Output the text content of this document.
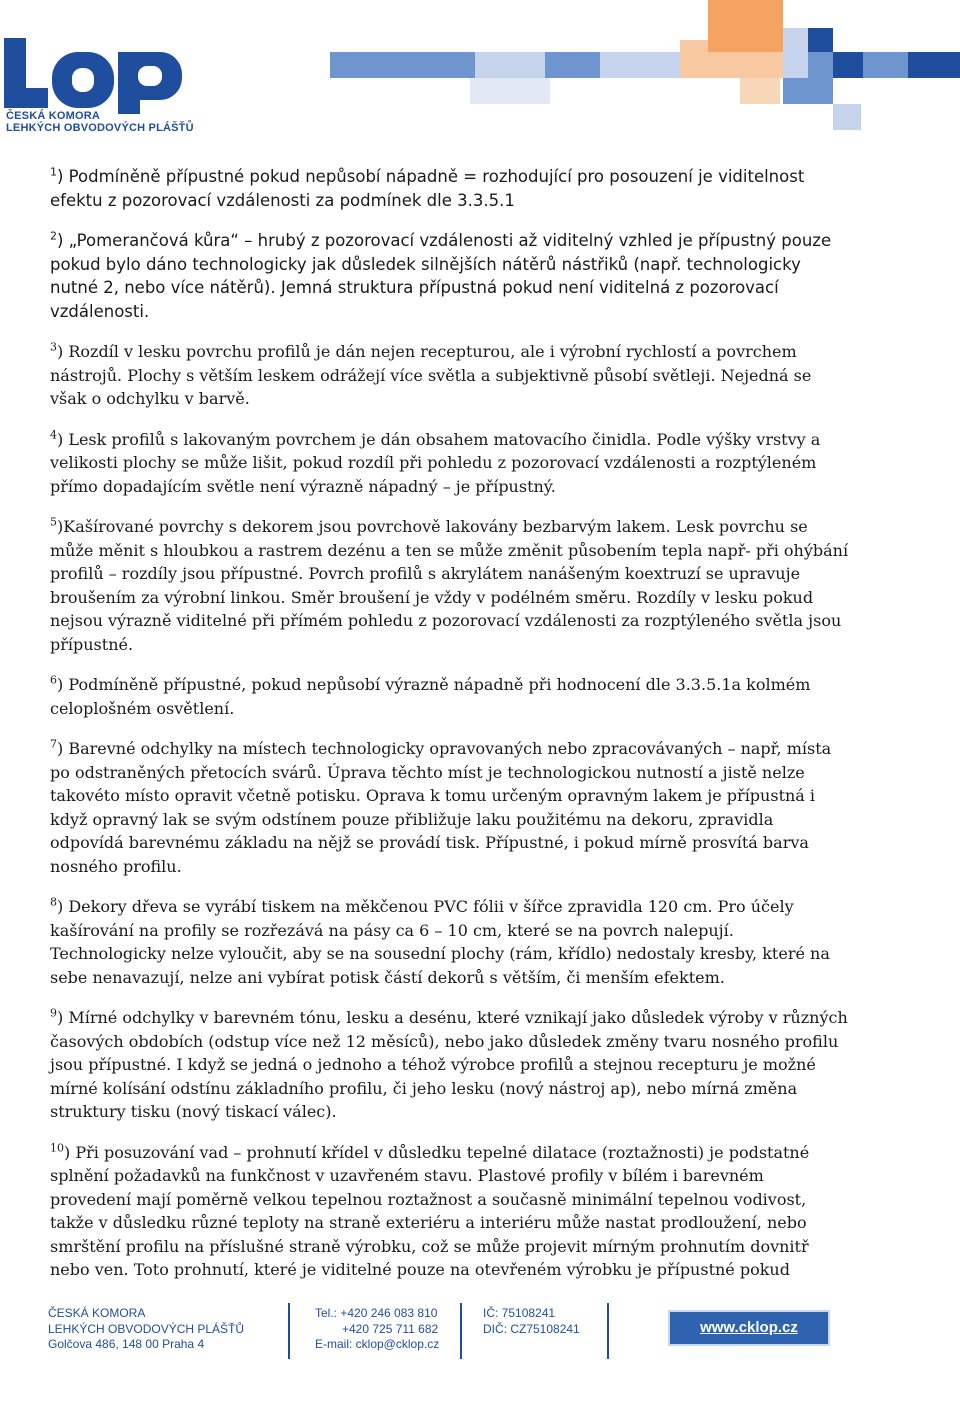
ČESKÁ KOMORA
LEHKÝCH OBVODOVÝCH PLÁŠŤŮ

$^1$) Podmíněně přípustné pokud nepůsobí nápadně = rozhodující pro posouzení je viditelnost efektu z pozorovací vzdálenosti za podmínek dle 3.3.5.1

$^2$) „Pomerančová kůra“ – hrubý z pozorovací vzdálenosti až viditelný vzhled je přípustný pouze pokud bylo dáno technologicky jak důsledek silnějších nátěrů nástřiků (např. technologicky nutné 2, nebo více nátěrů). Jemná struktura přípustná pokud není viditelná z pozorovací vzdálenosti.

$^3$) Rozdíl v lesku povrchu profilů je dán nejen recepturou, ale i výrobní rychlostí a povrchem nástrojů. Plochy s větším leskem odrážejí více světla a subjektivně působí světleji. Nejedná se však o odchylku v barvě.

$^4$) Lesk profilů s lakovaným povrchem je dán obsahem matovacího činidla. Podle výšky vrstvy a velikosti plochy se může lišit, pokud rozdíl při pohledu z pozorovací vzdálenosti a rozptýleném přímo dopadajícím světle není výrazně nápadný – je přípustný.

$^5$)Kašírované povrchy s dekorem jsou povrchově lakovány bezbarvým lakem. Lesk povrchu se může měnit s hloubkou a rastrem dezénu a ten se může změnit působením tepla např- při ohýbání profilů – rozdíly jsou přípustné. Povrch profilů s akrylátem nanášeným koextruzí se upravuje broušením za výrobní linkou. Směr broušení je vždy v podélném směru. Rozdíly v lesku pokud nejsou výrazně viditelné při přímém pohledu z pozorovací vzdálenosti za rozptýleného světla jsou přípustné.

$^6$) Podmíněně přípustné, pokud nepůsobí výrazně nápadně při hodnocení dle 3.3.5.1a kolmém celoplošném osvětlení.

$^7$) Barevné odchylky na místech technologicky opravovaných nebo zpracovávaných – např, místa po odstraněných přetocích svárů. Úprava těchto míst je technologickou nutností a jistě nelze takovéto místo opravit včetně potisku. Oprava k tomu určeným opravným lakem je přípustná i když opravný lak se svým odstínem pouze přibližuje laku použitému na dekoru, zpravidla odpovídá barevnému základu na nějž se provádí tisk. Přípustné, i pokud mírně prosvítá barva nosného profilu.

$^8$) Dekory dřeva se vyrábí tiskem na měkčenou PVC fólii v šířce zpravidla 120 cm. Pro účely kašírování na profily se rozřezává na pásy ca 6 – 10 cm, které se na povrch nalepují. Technologicky nelze vyloučit, aby se na sousední plochy (rám, křídlo) nedostaly kresby, které na sebe nenavazují, nelze ani vybírat potisk částí dekorů s větším, či menším efektem.

$^9$) Mírné odchylky v barevném tónu, lesku a desénu, které vznikají jako důsledek výroby v různých časových obdobích (odstup více než 12 měsíců), nebo jako důsledek změny tvaru nosného profilu jsou přípustné. I když se jedná o jednoho a téhož výrobce profilů a stejnou recepturu je možné mírné kolísání odstínu základního profilu, či jeho lesku (nový nástroj ap), nebo mírná změna struktury tisku (nový tiskací válec).

$^{10}$) Při posuzování vad – prohnutí křídel v důsledku tepelné dilatace (roztažnosti) je podstatné splnění požadavků na funkčnost v uzavřeném stavu. Plastové profily v bílém i barevném provedení mají poměrně velkou tepelnou roztažnost a současně minimální tepelnou vodivost, takže v důsledku různé teploty na straně exteriéru a interiéru může nastat prodloužení, nebo smrštění profilu na příslušné straně výrobku, což se může projevit mírným prohnutím dovnitř nebo ven. Toto prohnutí, které je viditelné pouze na otevřeném výrobku je přípustné pokud

ČESKÁ KOMORA
LEHKÝCH OBVODOVÝCH PLÁŠŤŮ
Golčova 486, 148 00 Praha 4
Tel.: +420 246 083 810
+420 725 711 682
E-mail: cklop@cklop.cz
IČ: 75108241
DIČ: CZ75108241	www.cklop.cz
